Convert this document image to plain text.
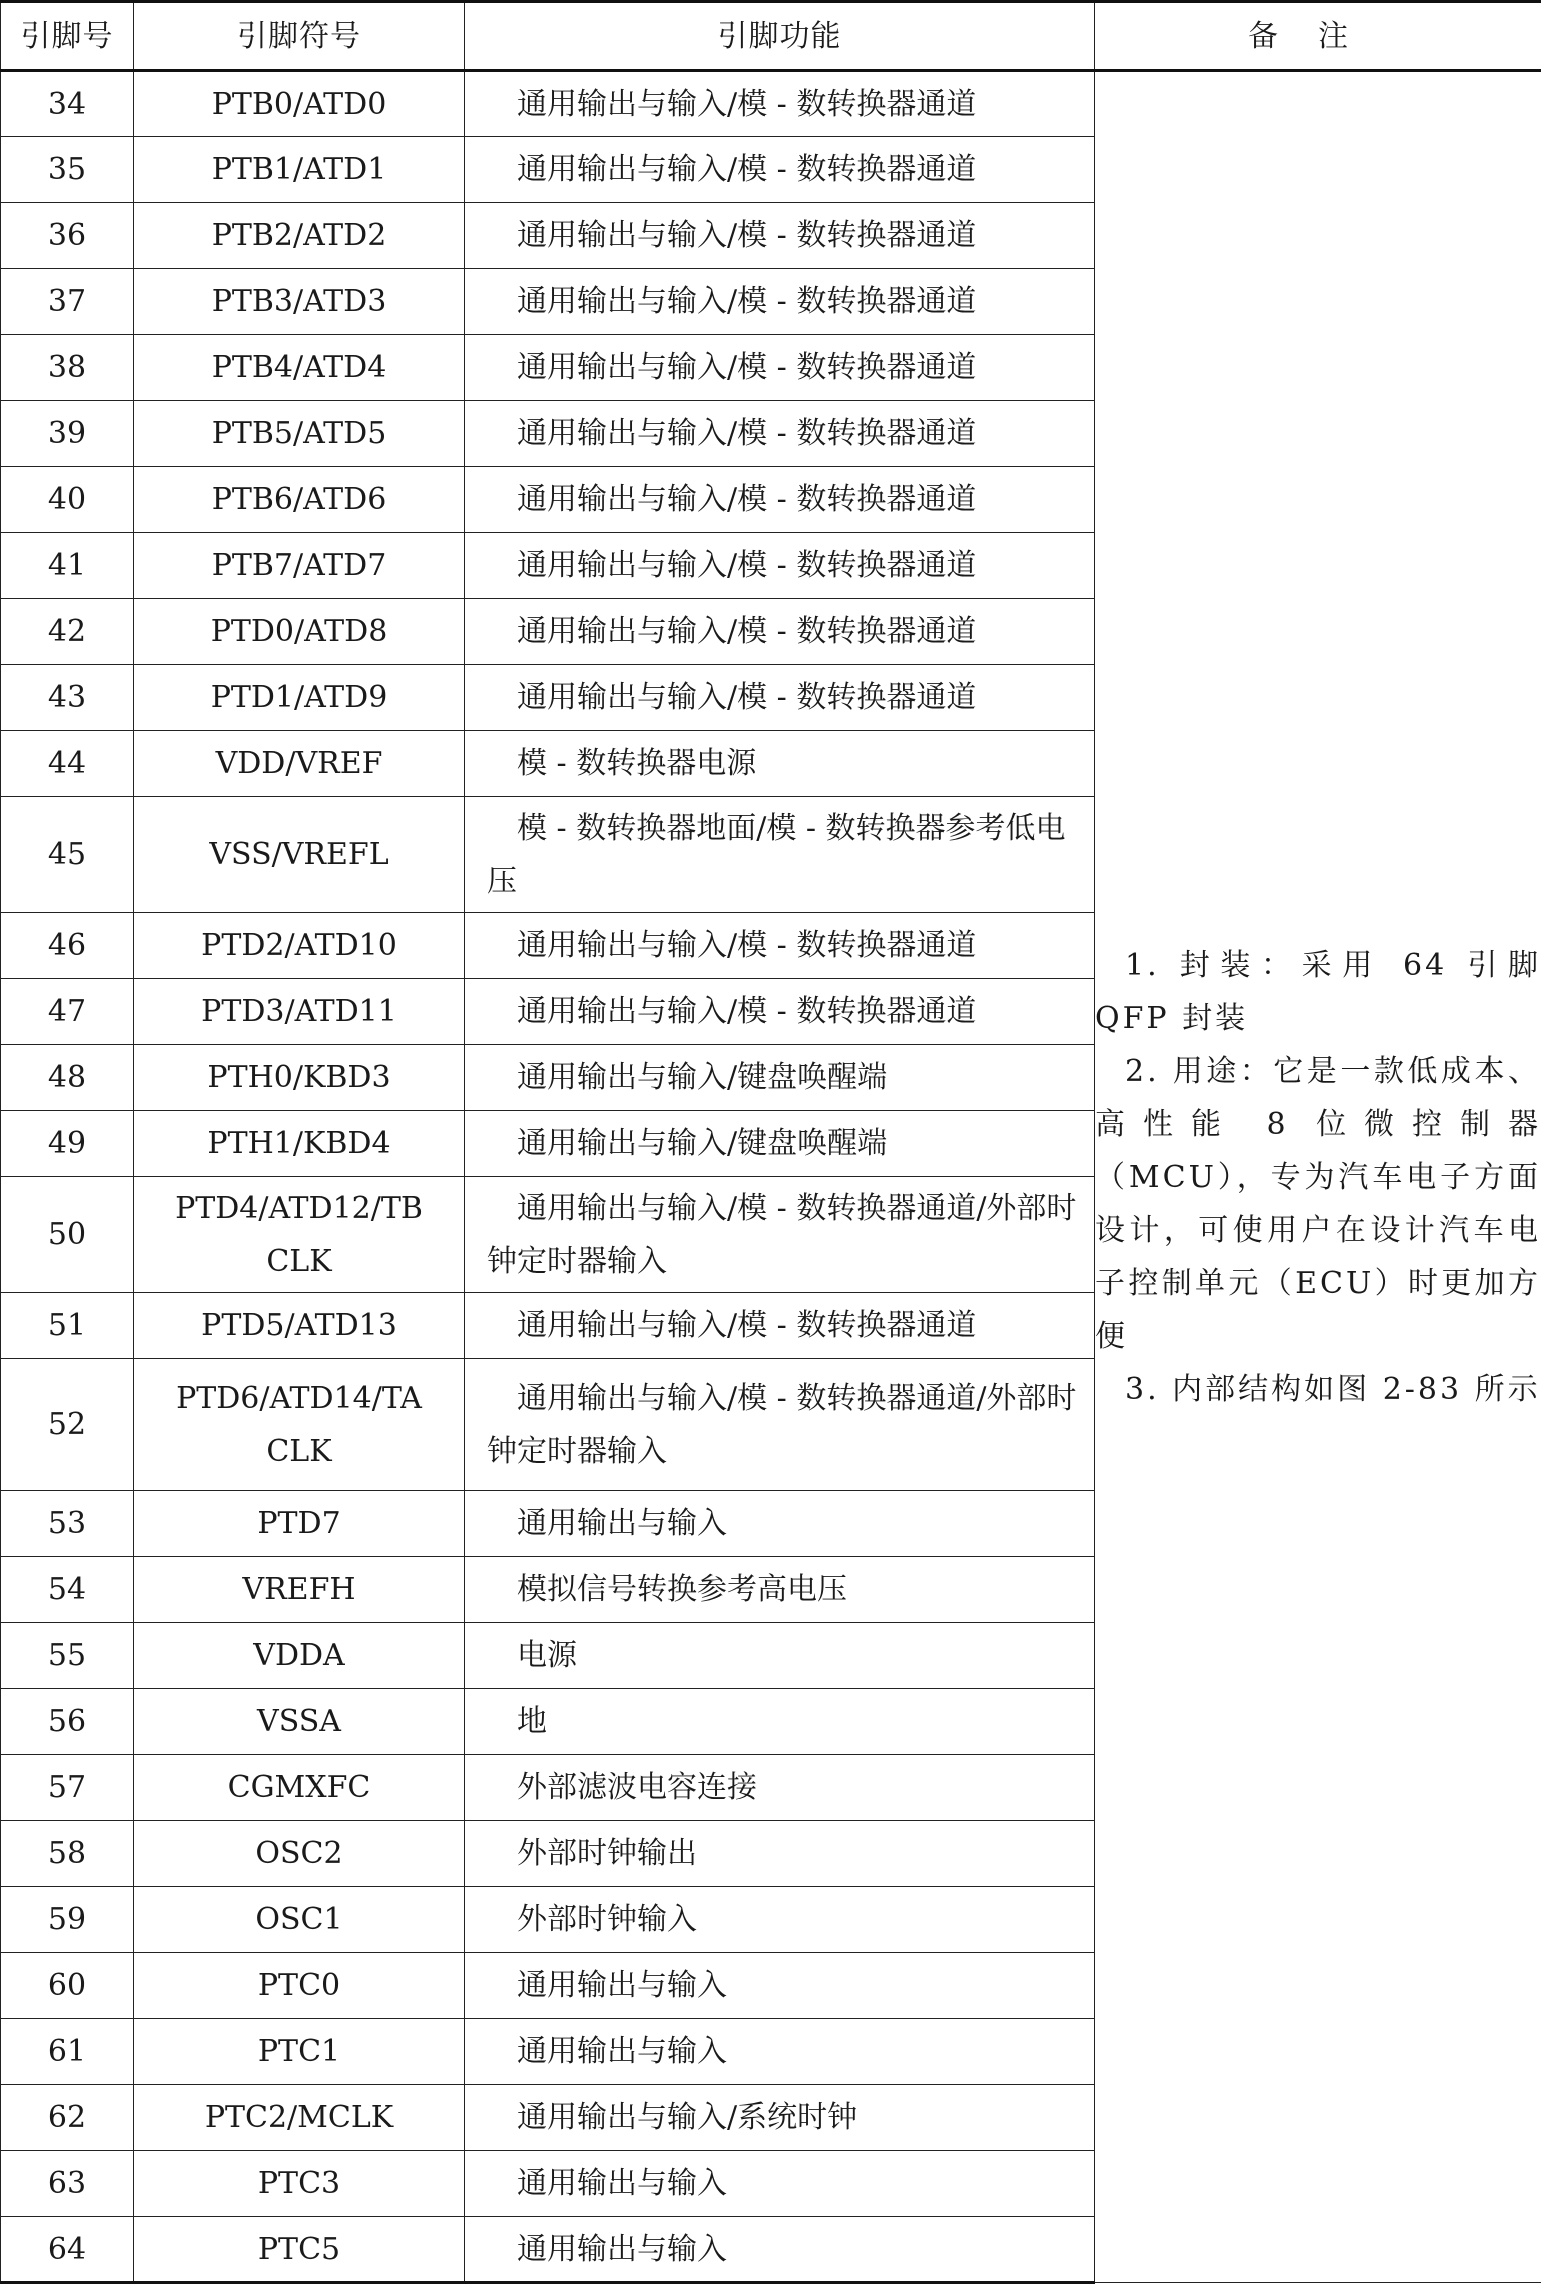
引脚号	引脚符号	引脚功能	备注
34	PTB0/ATD0	通用输出与输入/模 - 数转换器通道	1. 封装：采用 64 引脚 QFP 封装

2. 用途：它是一款低成本、高性能 8 位微控制器（MCU），专为汽车电子方面设计，可使用户在设计汽车电子控制单元（ECU）时更加方便

3. 内部结构如图 2-83 所示

35	PTB1/ATD1	通用输出与输入/模 - 数转换器通道	
36	PTB2/ATD2	通用输出与输入/模 - 数转换器通道	
37	PTB3/ATD3	通用输出与输入/模 - 数转换器通道	
38	PTB4/ATD4	通用输出与输入/模 - 数转换器通道	
39	PTB5/ATD5	通用输出与输入/模 - 数转换器通道	
40	PTB6/ATD6	通用输出与输入/模 - 数转换器通道	
41	PTB7/ATD7	通用输出与输入/模 - 数转换器通道	
42	PTD0/ATD8	通用输出与输入/模 - 数转换器通道	
43	PTD1/ATD9	通用输出与输入/模 - 数转换器通道	
44	VDD/VREF	模 - 数转换器电源	
45	VSS/VREFL	模 - 数转换器地面/模 - 数转换器参考低电压	
46	PTD2/ATD10	通用输出与输入/模 - 数转换器通道	
47	PTD3/ATD11	通用输出与输入/模 - 数转换器通道	
48	PTH0/KBD3	通用输出与输入/键盘唤醒端	
49	PTH1/KBD4	通用输出与输入/键盘唤醒端	
50	PTD4/ATD12/TBCLK	通用输出与输入/模 - 数转换器通道/外部时钟定时器输入	
51	PTD5/ATD13	通用输出与输入/模 - 数转换器通道	
52	PTD6/ATD14/TACLK	通用输出与输入/模 - 数转换器通道/外部时钟定时器输入	
53	PTD7	通用输出与输入	
54	VREFH	模拟信号转换参考高电压	
55	VDDA	电源	
56	VSSA	地	
57	CGMXFC	外部滤波电容连接	
58	OSC2	外部时钟输出	
59	OSC1	外部时钟输入	
60	PTC0	通用输出与输入	
61	PTC1	通用输出与输入	
62	PTC2/MCLK	通用输出与输入/系统时钟	
63	PTC3	通用输出与输入	
64	PTC5	通用输出与输入	
